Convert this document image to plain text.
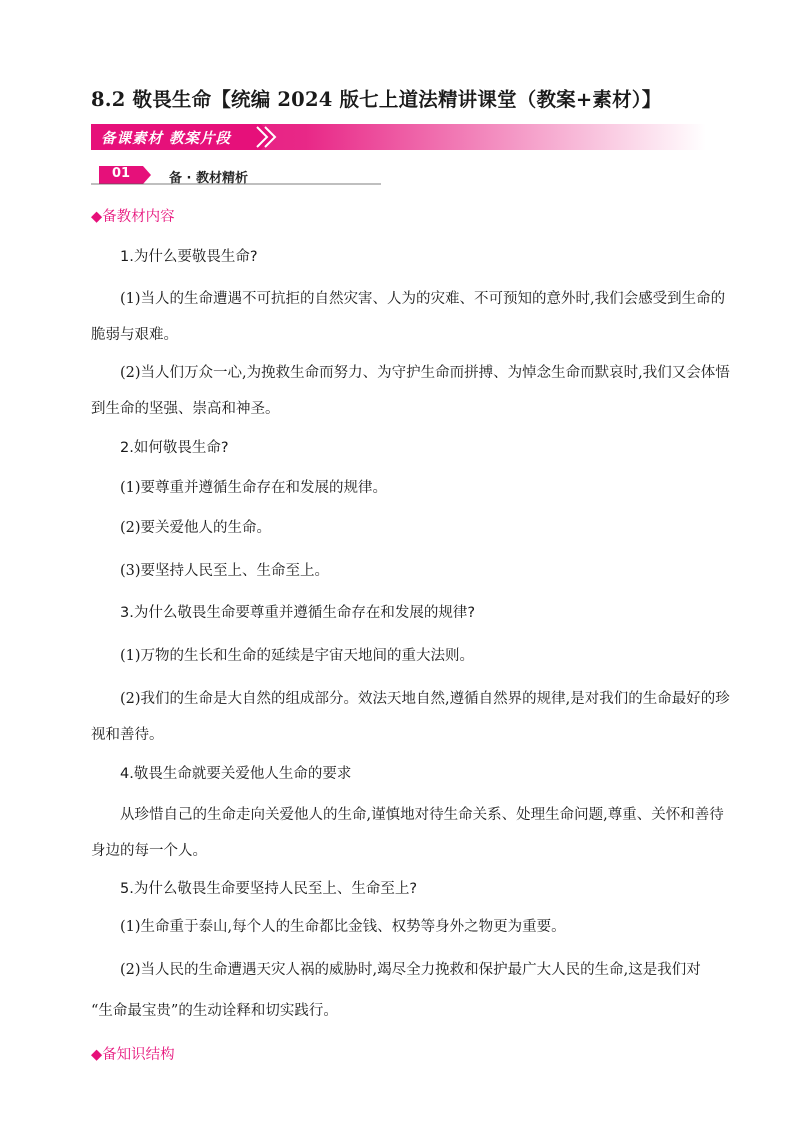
8.2 敬畏生命【统编 2024 版七上道法精讲课堂（教案+素材）】
备课素材 教案片段
01	备 · 教材精析
◆备教材内容
1.为什么要敬畏生命?
(1)当人的生命遭遇不可抗拒的自然灾害、人为的灾难、不可预知的意外时,我们会感受到生命的
脆弱与艰难。
(2)当人们万众一心,为挽救生命而努力、为守护生命而拼搏、为悼念生命而默哀时,我们又会体悟
到生命的坚强、崇高和神圣。
2.如何敬畏生命?
(1)要尊重并遵循生命存在和发展的规律。
(2)要关爱他人的生命。
(3)要坚持人民至上、生命至上。
3.为什么敬畏生命要尊重并遵循生命存在和发展的规律?
(1)万物的生长和生命的延续是宇宙天地间的重大法则。
(2)我们的生命是大自然的组成部分。效法天地自然,遵循自然界的规律,是对我们的生命最好的珍
视和善待。
4.敬畏生命就要关爱他人生命的要求
从珍惜自己的生命走向关爱他人的生命,谨慎地对待生命关系、处理生命问题,尊重、关怀和善待
身边的每一个人。
5.为什么敬畏生命要坚持人民至上、生命至上?
(1)生命重于泰山,每个人的生命都比金钱、权势等身外之物更为重要。
(2)当人民的生命遭遇天灾人祸的威胁时,竭尽全力挽救和保护最广大人民的生命,这是我们对
“生命最宝贵”的生动诠释和切实践行。
◆备知识结构
